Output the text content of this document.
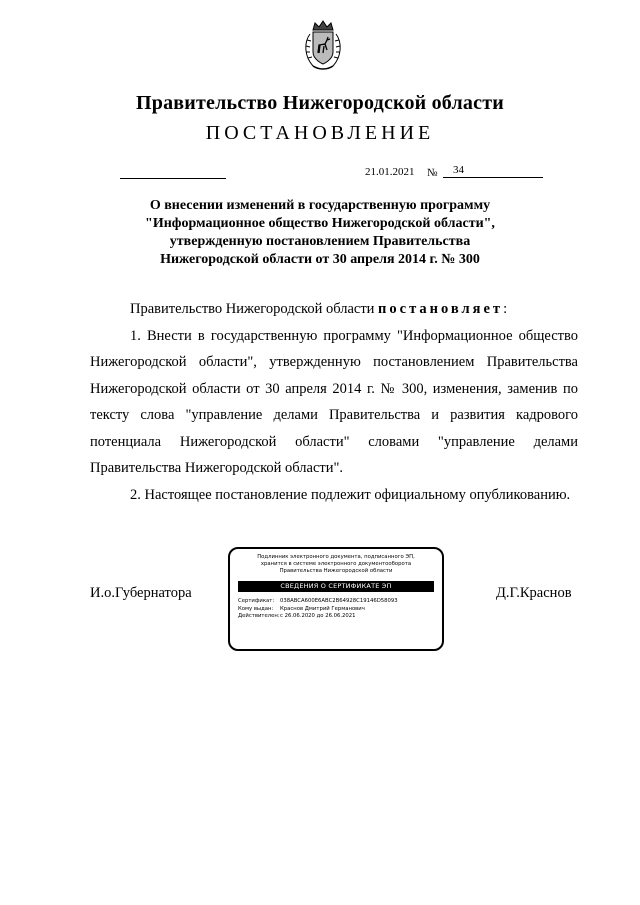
Правительство Нижегородской области
ПОСТАНОВЛЕНИЕ
21.01.2021 №	34
О внесении изменений в государственную программу
"Информационное общество Нижегородской области",
утвержденную постановлением Правительства
Нижегородской области от 30 апреля 2014 г. № 300

Правительство Нижегородской области постановляет:

1. Внести в государственную программу "Информационное общество Нижегородской области", утвержденную постановлением Правительства Нижегородской области от 30 апреля 2014 г. № 300, изменения, заменив по тексту слова "управление делами Правительства и развития кадрового потенциала Нижегородской области" словами "управление делами Правительства Нижегородской области".

2. Настоящее постановление подлежит официальному опубликованию.

И.о.Губернатора	Д.Г.Краснов
Подлинник электронного документа, подписанного ЭП,
хранится в системе электронного документооборота
Правительства Нижегородской области
СВЕДЕНИЯ О СЕРТИФИКАТЕ ЭП
Сертификат: 038ABCA600E6ABC2B64928C19146D58093
Кому выдан: Краснов Дмитрий Германович
Действителен:с 26.06.2020 до 26.06.2021
